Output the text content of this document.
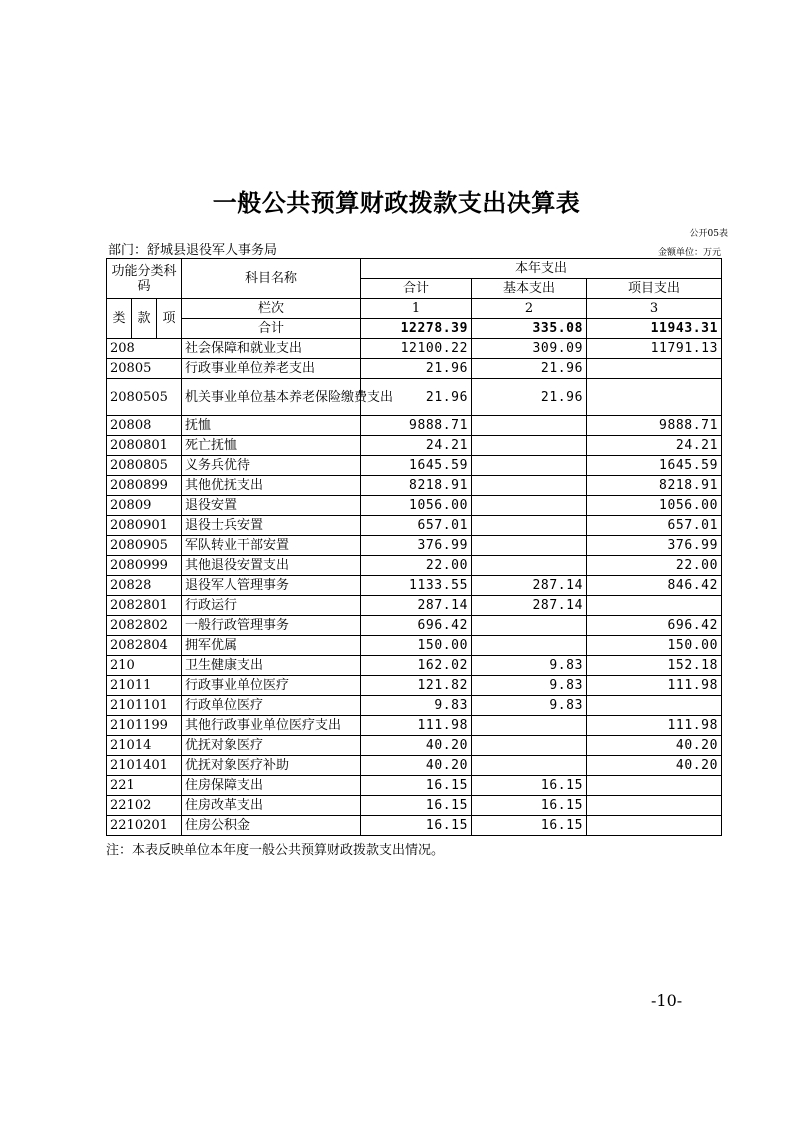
一般公共预算财政拨款支出决算表
公开05表
部门：舒城县退役军人事务局	金额单位：万元
功能分类科码			科目名称	本年支出		
				合计	基本支出	项目支出
类	款	项	栏次	1	2	3
			合计	12278.39	335.08	11943.31
208			社会保障和就业支出	12100.22	309.09	11791.13
20805			行政事业单位养老支出	21.96	21.96	
2080505			机关事业单位基本养老保险缴费支出	21.96	21.96	
20808			抚恤	9888.71		9888.71
2080801			死亡抚恤	24.21		24.21
2080805			义务兵优待	1645.59		1645.59
2080899			其他优抚支出	8218.91		8218.91
20809			退役安置	1056.00		1056.00
2080901			退役士兵安置	657.01		657.01
2080905			军队转业干部安置	376.99		376.99
2080999			其他退役安置支出	22.00		22.00
20828			退役军人管理事务	1133.55	287.14	846.42
2082801			行政运行	287.14	287.14	
2082802			一般行政管理事务	696.42		696.42
2082804			拥军优属	150.00		150.00
210			卫生健康支出	162.02	9.83	152.18
21011			行政事业单位医疗	121.82	9.83	111.98
2101101			行政单位医疗	9.83	9.83	
2101199			其他行政事业单位医疗支出	111.98		111.98
21014			优抚对象医疗	40.20		40.20
2101401			优抚对象医疗补助	40.20		40.20
221			住房保障支出	16.15	16.15	
22102			住房改革支出	16.15	16.15	
2210201			住房公积金	16.15	16.15	
注：本表反映单位本年度一般公共预算财政拨款支出情况。
-10-
